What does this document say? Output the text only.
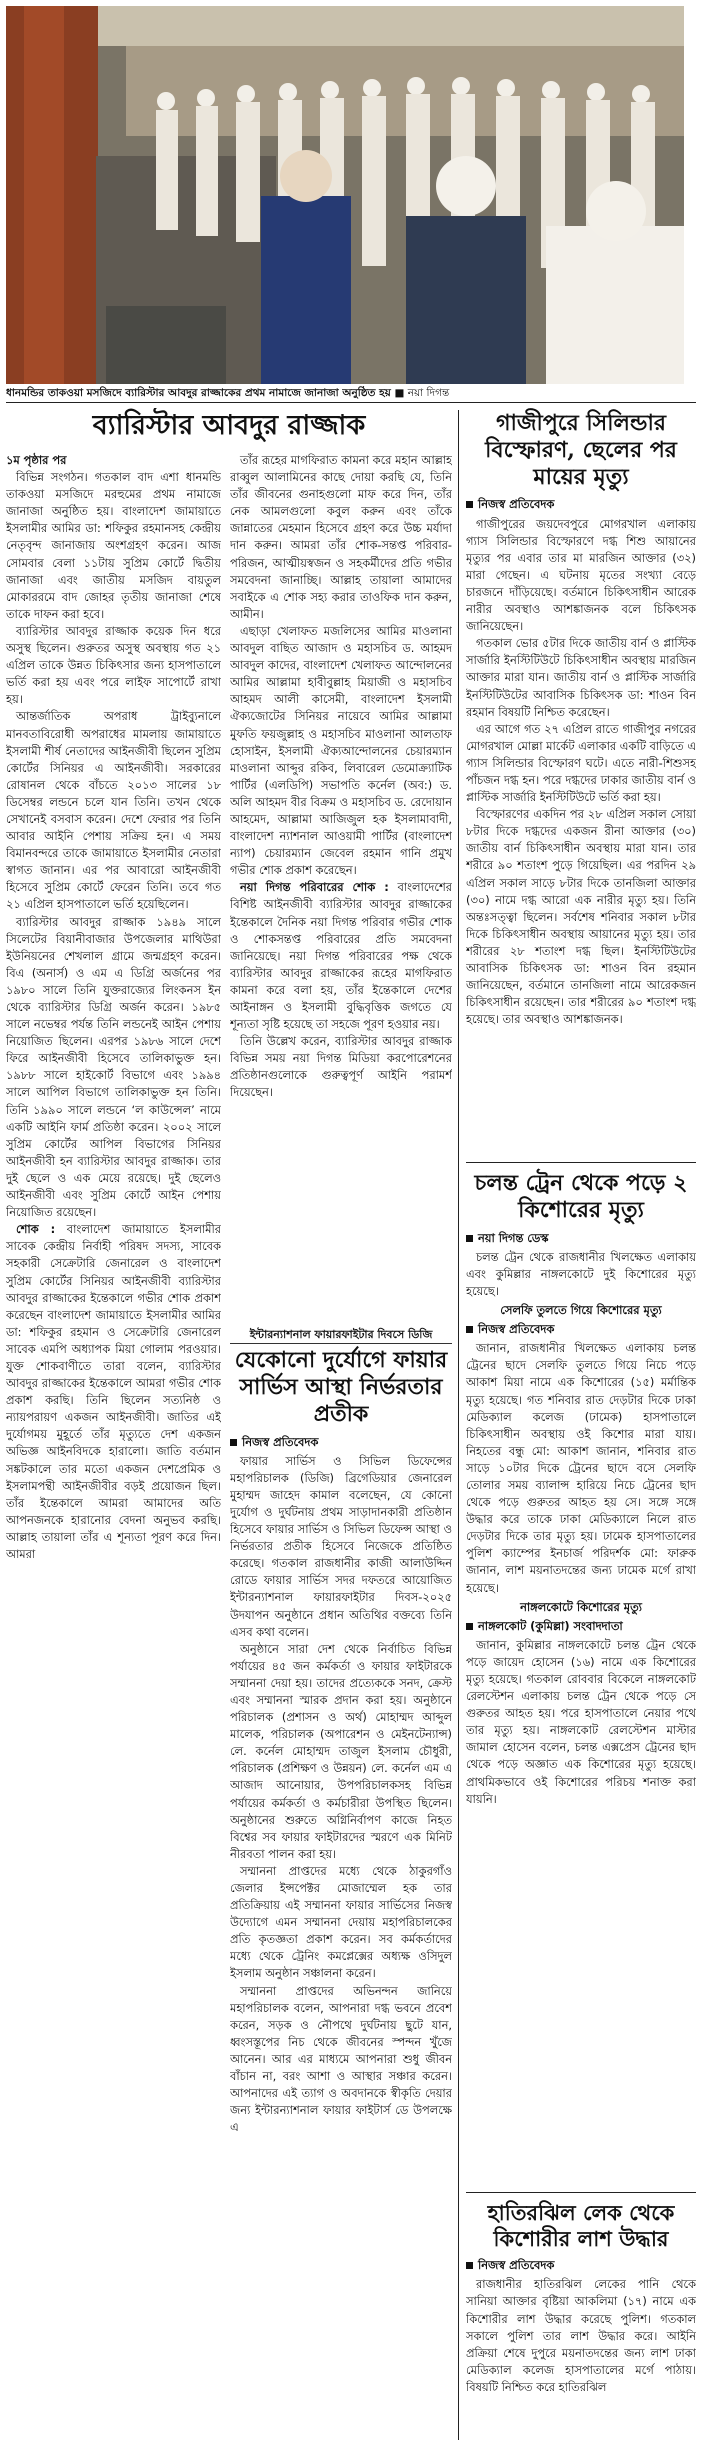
ধানমন্ডির তাকওয়া মসজিদে ব্যারিস্টার আবদুর রাজ্জাকের প্রথম নামাজে জানাজা অনুষ্ঠিত হয় ■ নয়া দিগন্ত
ব্যারিস্টার আবদুর রাজ্জাক

১ম পৃষ্ঠার পর

বিভিন্ন সংগঠন। গতকাল বাদ এশা ধানমন্ডি তাকওয়া মসজিদে মরহুমের প্রথম নামাজে জানাজা অনুষ্ঠিত হয়। বাংলাদেশ জামায়াতে ইসলামীর আমির ডা: শফিকুর রহমানসহ কেন্দ্রীয় নেতৃবৃন্দ জানাজায় অংশগ্রহণ করেন। আজ সোমবার বেলা ১১টায় সুপ্রিম কোর্টে দ্বিতীয় জানাজা এবং জাতীয় মসজিদ বায়তুল মোকাররমে বাদ জোহর তৃতীয় জানাজা শেষে তাকে দাফন করা হবে।

ব্যারিস্টার আবদুর রাজ্জাক কয়েক দিন ধরে অসুস্থ ছিলেন। গুরুতর অসুস্থ অবস্থায় গত ২১ এপ্রিল তাকে উন্নত চিকিৎসার জন্য হাসপাতালে ভর্তি করা হয় এবং পরে লাইফ সাপোর্টে রাখা হয়।

আন্তর্জাতিক অপরাধ ট্রাইব্যুনালে মানবতাবিরোধী অপরাধের মামলায় জামায়াতে ইসলামী শীর্ষ নেতাদের আইনজীবী ছিলেন সুপ্রিম কোর্টের সিনিয়র এ আইনজীবী। সরকারের রোষানল থেকে বাঁচতে ২০১৩ সালের ১৮ ডিসেম্বর লন্ডনে চলে যান তিনি। তখন থেকে সেখানেই বসবাস করেন। দেশে ফেরার পর তিনি আবার আইনি পেশায় সক্রিয় হন। এ সময় বিমানবন্দরে তাকে জামায়াতে ইসলামীর নেতারা স্বাগত জানান। এর পর আবারো আইনজীবী হিসেবে সুপ্রিম কোর্টে ফেরেন তিনি। তবে গত ২১ এপ্রিল হাসপাতালে ভর্তি হয়েছিলেন।

ব্যারিস্টার আবদুর রাজ্জাক ১৯৪৯ সালে সিলেটের বিয়ানীবাজার উপজেলার মাথিউরা ইউনিয়নের শেখলাল গ্রামে জন্মগ্রহণ করেন। বিএ (অনার্স) ও এম এ ডিগ্রি অর্জনের পর ১৯৮০ সালে তিনি যুক্তরাজ্যের লিংকনস ইন থেকে ব্যারিস্টার ডিগ্রি অর্জন করেন। ১৯৮৫ সালে নভেম্বর পর্যন্ত তিনি লন্ডনেই আইন পেশায় নিয়োজিত ছিলেন। এরপর ১৯৮৬ সালে দেশে ফিরে আইনজীবী হিসেবে তালিকাভুক্ত হন। ১৯৮৮ সালে হাইকোর্ট বিভাগে এবং ১৯৯৪ সালে আপিল বিভাগে তালিকাভুক্ত হন তিনি। তিনি ১৯৯০ সালে লন্ডনে ‘ল কাউন্সেল’ নামে একটি আইনি ফার্ম প্রতিষ্ঠা করেন। ২০০২ সালে সুপ্রিম কোর্টের আপিল বিভাগের সিনিয়র আইনজীবী হন ব্যারিস্টার আবদুর রাজ্জাক। তার দুই ছেলে ও এক মেয়ে রয়েছে। দুই ছেলেও আইনজীবী এবং সুপ্রিম কোর্টে আইন পেশায় নিয়োজিত রয়েছেন।

শোক : বাংলাদেশ জামায়াতে ইসলামীর সাবেক কেন্দ্রীয় নির্বাহী পরিষদ সদস্য, সাবেক সহকারী সেক্রেটারি জেনারেল ও বাংলাদেশ সুপ্রিম কোর্টের সিনিয়র আইনজীবী ব্যারিস্টার আবদুর রাজ্জাকের ইন্তেকালে গভীর শোক প্রকাশ করেছেন বাংলাদেশ জামায়াতে ইসলামীর আমির ডা: শফিকুর রহমান ও সেক্রেটারি জেনারেল সাবেক এমপি অধ্যাপক মিয়া গোলাম পরওয়ার। যুক্ত শোকবাণীতে তারা বলেন, ব্যারিস্টার আবদুর রাজ্জাকের ইন্তেকালে আমরা গভীর শোক প্রকাশ করছি। তিনি ছিলেন সত্যনিষ্ঠ ও ন্যায়পরায়ণ একজন আইনজীবী। জাতির এই দুর্যোগময় মুহূর্তে তাঁর মৃত্যুতে দেশ একজন অভিজ্ঞ আইনবিদকে হারালো। জাতি বর্তমান সঙ্কটকালে তার মতো একজন দেশপ্রেমিক ও ইসলামপন্থী আইনজীবীর বড়ই প্রয়োজন ছিল। তাঁর ইন্তেকালে আমরা আমাদের অতি আপনজনকে হারানোর বেদনা অনুভব করছি। আল্লাহ তায়ালা তাঁর এ শূন্যতা পূরণ করে দিন। আমরা

তাঁর রূহের মাগফিরাত কামনা করে মহান আল্লাহ রাব্বুল আলামিনের কাছে দোয়া করছি যে, তিনি তাঁর জীবনের গুনাহগুলো মাফ করে দিন, তাঁর নেক আমলগুলো কবুল করুন এবং তাঁকে জান্নাতের মেহমান হিসেবে গ্রহণ করে উচ্চ মর্যাদা দান করুন। আমরা তাঁর শোক-সন্তপ্ত পরিবার-পরিজন, আত্মীয়স্বজন ও সহকর্মীদের প্রতি গভীর সমবেদনা জানাচ্ছি। আল্লাহ তায়ালা আমাদের সবাইকে এ শোক সহ্য করার তাওফিক দান করুন, আমীন।

এছাড়া খেলাফত মজলিসের আমির মাওলানা আবদুল বাছিত আজাদ ও মহাসচিব ড. আহমদ আবদুল কাদের, বাংলাদেশ খেলাফত আন্দোলনের আমির আল্লামা হাবীবুল্লাহ মিয়াজী ও মহাসচিব আহমদ আলী কাসেমী, বাংলাদেশ ইসলামী ঐক্যজোটের সিনিয়র নায়েবে আমির আল্লামা মুফতি ফয়জুল্লাহ ও মহাসচিব মাওলানা আলতাফ হোসাইন, ইসলামী ঐক্যআন্দোলনের চেয়ারম্যান মাওলানা আব্দুর রকিব, লিবারেল ডেমোক্র্যাটিক পার্টির (এলডিপি) সভাপতি কর্নেল (অব:) ড. অলি আহমদ বীর বিক্রম ও মহাসচিব ড. রেদোয়ান আহমেদ, আল্লামা আজিজুল হক ইসলামাবাদী, বাংলাদেশ ন্যাশনাল আওয়ামী পার্টির (বাংলাদেশ ন্যাপ) চেয়ারম্যান জেবেল রহমান গানি প্রমুখ গভীর শোক প্রকাশ করেছেন।

নয়া দিগন্ত পরিবারের শোক : বাংলাদেশের বিশিষ্ট আইনজীবী ব্যারিস্টার আবদুর রাজ্জাকের ইন্তেকালে দৈনিক নয়া দিগন্ত পরিবার গভীর শোক ও শোকসন্তপ্ত পরিবারের প্রতি সমবেদনা জানিয়েছে। নয়া দিগন্ত পরিবারের পক্ষ থেকে ব্যারিস্টার আবদুর রাজ্জাকের রূহের মাগফিরাত কামনা করে বলা হয়, তাঁর ইন্তেকালে দেশের আইনাঙ্গন ও ইসলামী বুদ্ধিবৃত্তিক জগতে যে শূন্যতা সৃষ্টি হয়েছে তা সহজে পূরণ হওয়ার নয়।

তিনি উল্লেখ করেন, ব্যারিস্টার আবদুর রাজ্জাক বিভিন্ন সময় নয়া দিগন্ত মিডিয়া করপোরেশনের প্রতিষ্ঠানগুলোকে গুরুত্বপূর্ণ আইনি পরামর্শ দিয়েছেন।

ইন্টারন্যাশনাল ফায়ারফাইটার দিবসে ডিজি
যেকোনো দুর্যোগে ফায়ার সার্ভিস আস্থা নির্ভরতার প্রতীক
নিজস্ব প্রতিবেদক

ফায়ার সার্ভিস ও সিভিল ডিফেন্সের মহাপরিচালক (ডিজি) ব্রিগেডিয়ার জেনারেল মুহাম্মদ জাহেদ কামাল বলেছেন, যে কোনো দুর্যোগ ও দুর্ঘটনায় প্রথম সাড়াদানকারী প্রতিষ্ঠান হিসেবে ফায়ার সার্ভিস ও সিভিল ডিফেন্স আস্থা ও নির্ভরতার প্রতীক হিসেবে নিজেকে প্রতিষ্ঠিত করেছে। গতকাল রাজধানীর কাজী আলাউদ্দিন রোডে ফায়ার সার্ভিস সদর দফতরে আয়োজিত ইন্টারন্যাশনাল ফায়ারফাইটার দিবস-২০২৫ উদযাপন অনুষ্ঠানে প্রধান অতিথির বক্তব্যে তিনি এসব কথা বলেন।

অনুষ্ঠানে সারা দেশ থেকে নির্বাচিত বিভিন্ন পর্যায়ের ৪৫ জন কর্মকর্তা ও ফায়ার ফাইটারকে সম্মাননা দেয়া হয়। তাদের প্রত্যেককে সনদ, ক্রেস্ট এবং সম্মাননা স্মারক প্রদান করা হয়। অনুষ্ঠানে পরিচালক (প্রশাসন ও অর্থ) মোহাম্মদ আব্দুল মালেক, পরিচালক (অপারেশন ও মেইনটেন্যান্স) লে. কর্নেল মোহাম্মদ তাজুল ইসলাম চৌধুরী, পরিচালক (প্রশিক্ষণ ও উন্নয়ন) লে. কর্নেল এম এ আজাদ আনোয়ার, উপপরিচালকসহ বিভিন্ন পর্যায়ের কর্মকর্তা ও কর্মচারীরা উপস্থিত ছিলেন। অনুষ্ঠানের শুরুতে অগ্নিনির্বাপণ কাজে নিহত বিশ্বের সব ফায়ার ফাইটারদের স্মরণে এক মিনিট নীরবতা পালন করা হয়।

সম্মাননা প্রাপ্তদের মধ্যে থেকে ঠাকুরগাঁও জেলার ইন্সপেক্টর মোজাম্মেল হক তার প্রতিক্রিয়ায় এই সম্মাননা ফায়ার সার্ভিসের নিজস্ব উদ্যোগে এমন সম্মাননা দেয়ায় মহাপরিচালকের প্রতি কৃতজ্ঞতা প্রকাশ করেন। সব কর্মকর্তাদের মধ্যে থেকে ট্রেনিং কমপ্লেক্সের অধ্যক্ষ ওসিদুল ইসলাম অনুষ্ঠান সঞ্চালনা করেন।

সম্মাননা প্রাপ্তদের অভিনন্দন জানিয়ে মহাপরিচালক বলেন, আপনারা দগ্ধ ভবনে প্রবেশ করেন, সড়ক ও নৌপথে দুর্ঘটনায় ছুটে যান, ধ্বংসস্তূপের নিচ থেকে জীবনের স্পন্দন খুঁজে আনেন। আর এর মাধ্যমে আপনারা শুধু জীবন বাঁচান না, বরং আশা ও আস্থার সঞ্চার করেন। আপনাদের এই ত্যাগ ও অবদানকে স্বীকৃতি দেয়ার জন্য ইন্টারন্যাশনাল ফায়ার ফাইটার্স ডে উপলক্ষে এ

গাজীপুরে সিলিন্ডার বিস্ফোরণ, ছেলের পর মায়ের মৃত্যু
নিজস্ব প্রতিবেদক

গাজীপুরের জয়দেবপুরে মোগরখাল এলাকায় গ্যাস সিলিন্ডার বিস্ফোরণে দগ্ধ শিশু আয়ানের মৃত্যুর পর এবার তার মা মারজিন আক্তার (৩২) মারা গেছেন। এ ঘটনায় মৃতের সংখ্যা বেড়ে চারজনে দাঁড়িয়েছে। বর্তমানে চিকিৎসাধীন আরেক নারীর অবস্থাও আশঙ্কাজনক বলে চিকিৎসক জানিয়েছেন।

গতকাল ভোর ৫টার দিকে জাতীয় বার্ন ও প্লাস্টিক সার্জারি ইনস্টিটিউটে চিকিৎসাধীন অবস্থায় মারজিন আক্তার মারা যান। জাতীয় বার্ন ও প্লাস্টিক সার্জারি ইনস্টিটিউটের আবাসিক চিকিৎসক ডা: শাওন বিন রহমান বিষয়টি নিশ্চিত করেছেন।

এর আগে গত ২৭ এপ্রিল রাতে গাজীপুর নগরের মোগরখাল মোল্লা মার্কেট এলাকার একটি বাড়িতে এ গ্যাস সিলিন্ডার বিস্ফোরণ ঘটে। এতে নারী-শিশুসহ পাঁচজন দগ্ধ হন। পরে দগ্ধদের ঢাকার জাতীয় বার্ন ও প্লাস্টিক সার্জারি ইনস্টিটিউটে ভর্তি করা হয়।

বিস্ফোরণের একদিন পর ২৮ এপ্রিল সকাল সোয়া ৮টার দিকে দগ্ধদের একজন রীনা আক্তার (৩০) জাতীয় বার্ন চিকিৎসাধীন অবস্থায় মারা যান। তার শরীরে ৯০ শতাংশ পুড়ে গিয়েছিল। এর পরদিন ২৯ এপ্রিল সকাল সাড়ে ৮টার দিকে তানজিলা আক্তার (৩০) নামে দগ্ধ আরো এক নারীর মৃত্যু হয়। তিনি অন্তঃসত্ত্বা ছিলেন। সর্বশেষ শনিবার সকাল ৮টার দিকে চিকিৎসাধীন অবস্থায় আয়ানের মৃত্যু হয়। তার শরীরের ২৮ শতাংশ দগ্ধ ছিল। ইনস্টিটিউটের আবাসিক চিকিৎসক ডা: শাওন বিন রহমান জানিয়েছেন, বর্তমানে তানজিলা নামে আরেকজন চিকিৎসাধীন রয়েছেন। তার শরীরের ৯০ শতাংশ দগ্ধ হয়েছে। তার অবস্থাও আশঙ্কাজনক।

চলন্ত ট্রেন থেকে পড়ে ২ কিশোরের মৃত্যু
নয়া দিগন্ত ডেস্ক

চলন্ত ট্রেন থেকে রাজধানীর খিলক্ষেত এলাকায় এবং কুমিল্লার নাঙ্গলকোটে দুই কিশোরের মৃত্যু হয়েছে।

সেলফি তুলতে গিয়ে কিশোরের মৃত্যু
নিজস্ব প্রতিবেদক

জানান, রাজধানীর খিলক্ষেত এলাকায় চলন্ত ট্রেনের ছাদে সেলফি তুলতে গিয়ে নিচে পড়ে আকাশ মিয়া নামে এক কিশোরের (১৫) মর্মান্তিক মৃত্যু হয়েছে। গত শনিবার রাত দেড়টার দিকে ঢাকা মেডিক্যাল কলেজ (ঢামেক) হাসপাতালে চিকিৎসাধীন অবস্থায় ওই কিশোর মারা যায়। নিহতের বন্ধু মো: আকাশ জানান, শনিবার রাত সাড়ে ১০টার দিকে ট্রেনের ছাদে বসে সেলফি তোলার সময় ব্যালান্স হারিয়ে নিচে ট্রেনের ছাদ থেকে পড়ে গুরুতর আহত হয় সে। সঙ্গে সঙ্গে উদ্ধার করে তাকে ঢাকা মেডিক্যালে নিলে রাত দেড়টার দিকে তার মৃত্যু হয়। ঢামেক হাসপাতালের পুলিশ ক্যাম্পের ইনচার্জ পরিদর্শক মো: ফারুক জানান, লাশ ময়নাতদন্তের জন্য ঢামেক মর্গে রাখা হয়েছে।

নাঙ্গলকোটে কিশোরের মৃত্যু
নাঙ্গলকোট (কুমিল্লা) সংবাদদাতা

জানান, কুমিল্লার নাঙ্গলকোটে চলন্ত ট্রেন থেকে পড়ে জায়েদ হোসেন (১৬) নামে এক কিশোরের মৃত্যু হয়েছে। গতকাল রোববার বিকেলে নাঙ্গলকোট রেলস্টেশন এলাকায় চলন্ত ট্রেন থেকে পড়ে সে গুরুতর আহত হয়। পরে হাসপাতালে নেয়ার পথে তার মৃত্যু হয়। নাঙ্গলকোট রেলস্টেশন মাস্টার জামাল হোসেন বলেন, চলন্ত এক্সপ্রেস ট্রেনের ছাদ থেকে পড়ে অজ্ঞাত এক কিশোরের মৃত্যু হয়েছে। প্রাথমিকভাবে ওই কিশোরের পরিচয় শনাক্ত করা যায়নি।

হাতিরঝিল লেক থেকে কিশোরীর লাশ উদ্ধার
নিজস্ব প্রতিবেদক

রাজধানীর হাতিরঝিল লেকের পানি থেকে সানিয়া আক্তার বৃষ্টিয়া আকলিমা (১৭) নামে এক কিশোরীর লাশ উদ্ধার করেছে পুলিশ। গতকাল সকালে পুলিশ তার লাশ উদ্ধার করে। আইনি প্রক্রিয়া শেষে দুপুরে ময়নাতদন্তের জন্য লাশ ঢাকা মেডিক্যাল কলেজ হাসপাতালের মর্গে পাঠায়। বিষয়টি নিশ্চিত করে হাতিরঝিল
